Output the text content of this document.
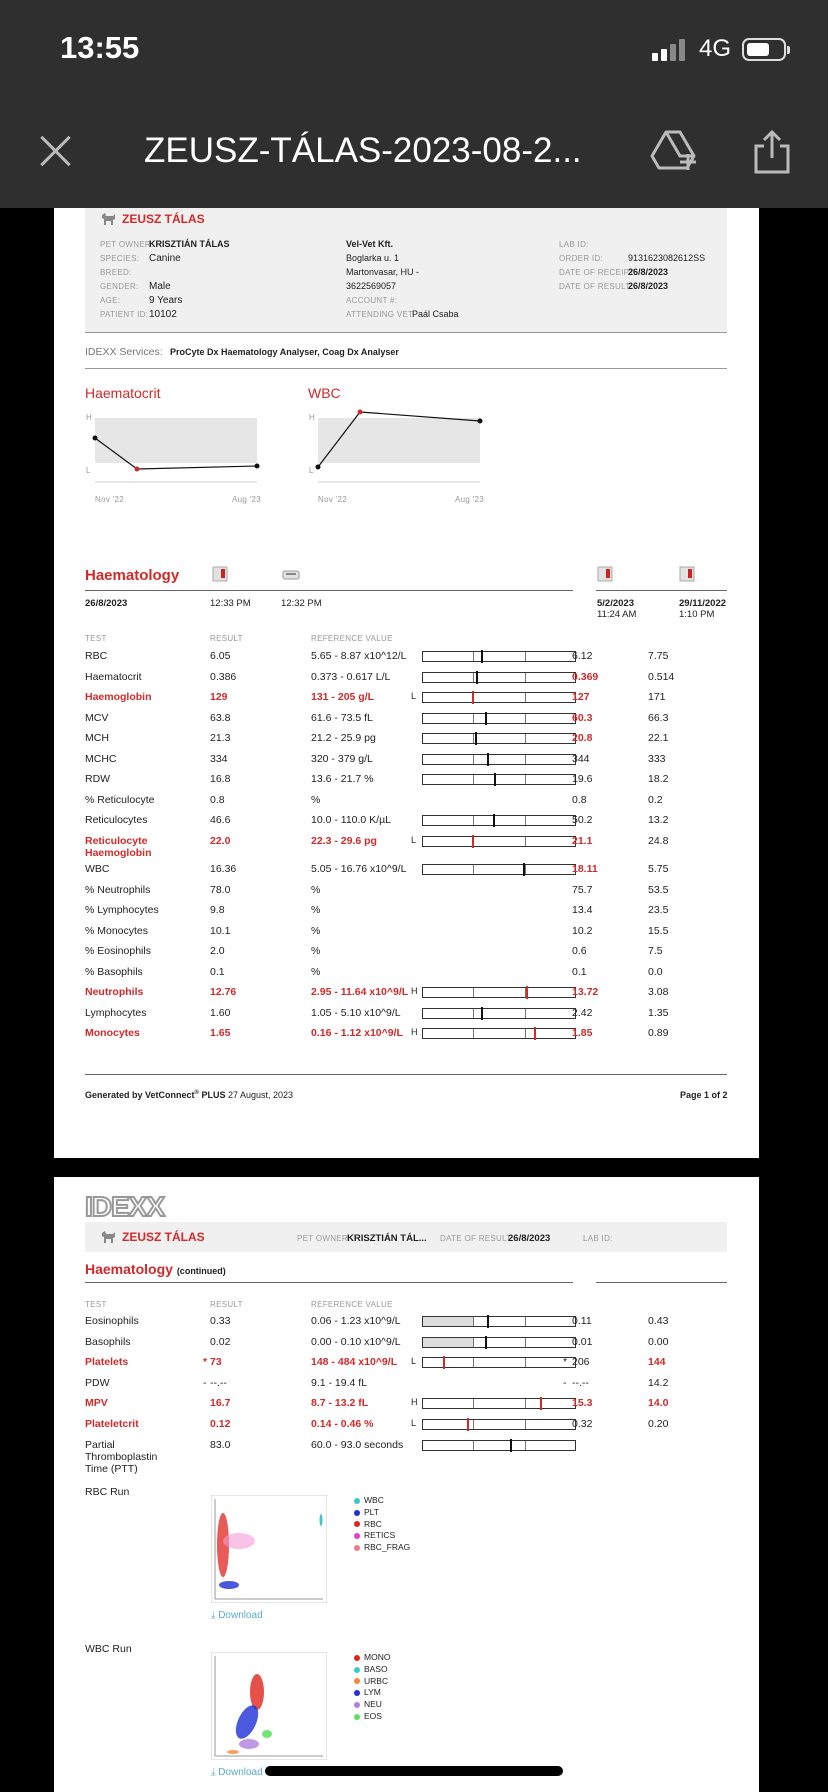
13:55	4G
ZEUSZ-TÁLAS-2023-08-2...
ZEUSZ TÁLAS
PET OWNER:
KRISZTIÁN TÁLAS
SPECIES: Canine
BREED:
GENDER: Male
AGE:	9 Years
PATIENT ID: 10102
Vel-Vet Kft.
Boglarka u. 1
Martonvasar, HU -
3622569057
ACCOUNT #:
ATTENDING VET:
Paál Csaba
LAB ID:
ORDER ID:	9131623082612SS
DATE OF RECEIPT:
26/8/2023
DATE OF RESULT:
26/8/2023
IDEXX Services: ProCyte Dx Haematology Analyser, Coag Dx Analyser
Haematocrit
H
L
Nov '22	Aug '23
WBC
H
L
Nov '22	Aug '23
Haematology
26/8/2023	12:33 PM	12:32 PM	5/2/2023
11:24 AM
29/11/2022
1:10 PM
TEST	RESULT	REFERENCE VALUE
RBC	6.05	5.65 - 8.87 x10^12/L	6.12	7.75
Haematocrit	0.386	0.373 - 0.617 L/L	0.369	0.514
Haemoglobin	129	131 - 205 g/L	L	127	171
MCV	63.8	61.6 - 73.5 fL	60.3	66.3
MCH	21.3	21.2 - 25.9 pg	20.8	22.1
MCHC	334	320 - 379 g/L	344	333
RDW	16.8	13.6 - 21.7 %	19.6	18.2
% Reticulocyte	0.8	%	0.8	0.2
Reticulocytes	46.6	10.0 - 110.0 K/µL	50.2	13.2
Reticulocyte Haemoglobin
22.0	22.3 - 29.6 pg	L	21.1	24.8
WBC	16.36	5.05 - 16.76 x10^9/L	18.11	5.75
% Neutrophils	78.0	%	75.7	53.5
% Lymphocytes	9.8	%	13.4	23.5
% Monocytes	10.1	%	10.2	15.5
% Eosinophils	2.0	%	0.6	7.5
% Basophils	0.1	%	0.1	0.0
Neutrophils	12.76	2.95 - 11.64 x10^9/L H	13.72	3.08
Lymphocytes	1.60	1.05 - 5.10 x10^9/L	2.42	1.35
Monocytes	1.65	0.16 - 1.12 x10^9/L H	1.85	0.89
Generated by VetConnect® PLUS 27 August, 2023	Page 1 of 2
IDEXX
ZEUSZ TÁLAS	PET OWNER:
KRISZTIÁN TÁL... DATE OF RESULT:
26/8/2023	LAB ID:
Haematology (continued)
TEST	RESULT	REFERENCE VALUE
Eosinophils	0.33	0.06 - 1.23 x10^9/L	0.11	0.43
Basophils	0.02	0.00 - 0.10 x10^9/L	0.01	0.00
Platelets	* 73	148 - 484 x10^9/L L	* 206	144
PDW	- --.--	9.1 - 19.4 fL	- --.--	14.2
MPV	16.7	8.7 - 13.2 fL	H	15.3	14.0
Plateletcrit	0.12	0.14 - 0.46 %	L	0.32	0.20
Partial Thromboplastin Time (PTT)
83.0	60.0 - 93.0 seconds
RBC Run
WBC
PLT
RBC
RETICS
RBC_FRAG
⤓ Download
WBC Run
MONO
BASO
URBC
LYM
NEU
EOS
⤓ Download
